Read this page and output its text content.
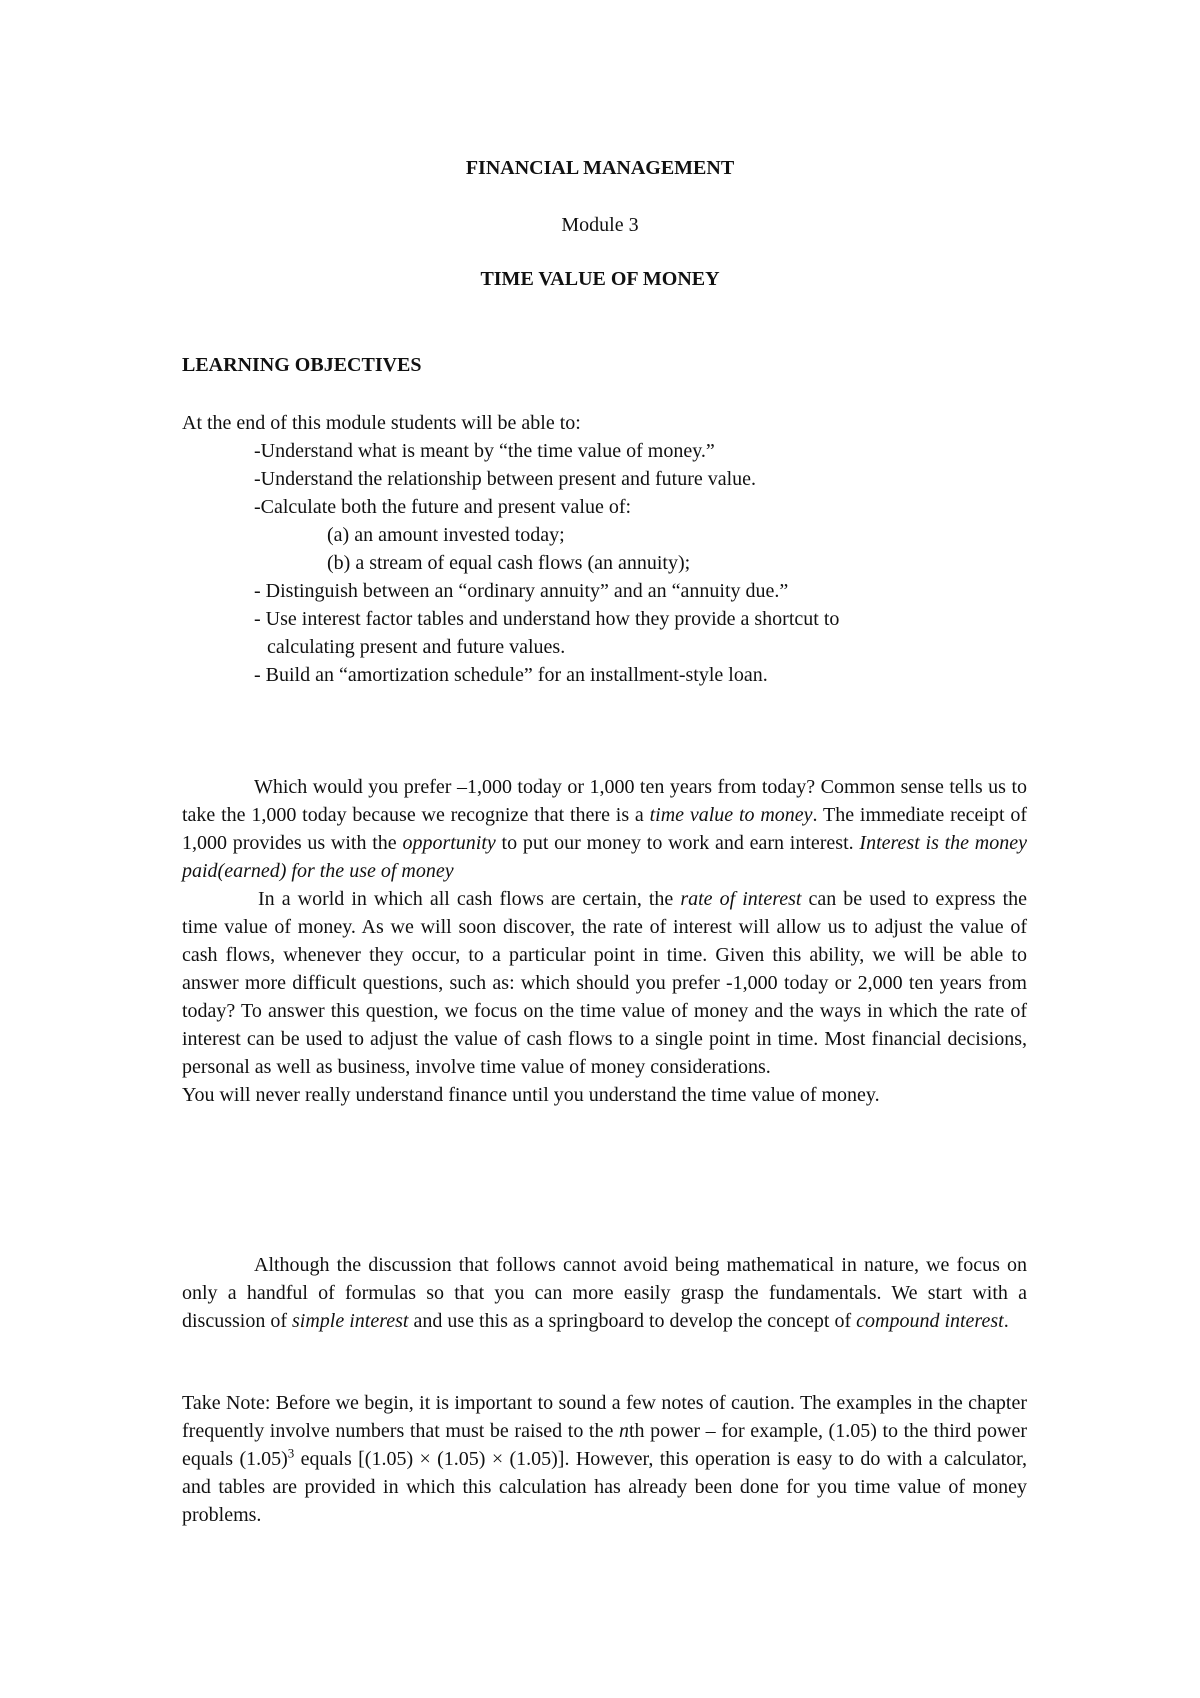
FINANCIAL MANAGEMENT

Module 3

TIME VALUE OF MONEY

LEARNING OBJECTIVES

At the end of this module students will be able to:

-Understand what is meant by “the time value of money.”
-Understand the relationship between present and future value.
-Calculate both the future and present value of:
(a) an amount invested today;
(b) a stream of equal cash flows (an annuity);
- Distinguish between an “ordinary annuity” and an “annuity due.”
- Use interest factor tables and understand how they provide a shortcut to
calculating present and future values.
- Build an “amortization schedule” for an installment-style loan.

Which would you prefer –1,000 today or 1,000 ten years from today? Common sense tells us to take the 1,000 today because we recognize that there is a time value to money. The immediate receipt of 1,000 provides us with the opportunity to put our money to work and earn interest. Interest is the money paid(earned) for the use of money

In a world in which all cash flows are certain, the rate of interest can be used to express the time value of money. As we will soon discover, the rate of interest will allow us to adjust the value of cash flows, whenever they occur, to a particular point in time. Given this ability, we will be able to answer more difficult questions, such as: which should you prefer -1,000 today or 2,000 ten years from today? To answer this question, we focus on the time value of money and the ways in which the rate of interest can be used to adjust the value of cash flows to a single point in time. Most financial decisions, personal as well as business, involve time value of money considerations.

You will never really understand finance until you understand the time value of money.

Although the discussion that follows cannot avoid being mathematical in nature, we focus on only a handful of formulas so that you can more easily grasp the fundamentals. We start with a discussion of simple interest and use this as a springboard to develop the concept of compound interest.

Take Note: Before we begin, it is important to sound a few notes of caution. The examples in the chapter frequently involve numbers that must be raised to the nth power – for example, (1.05) to the third power equals $(1.05)^3$ equals [(1.05) × (1.05) × (1.05)]. However, this operation is easy to do with a calculator, and tables are provided in which this calculation has already been done for you time value of money problems.
